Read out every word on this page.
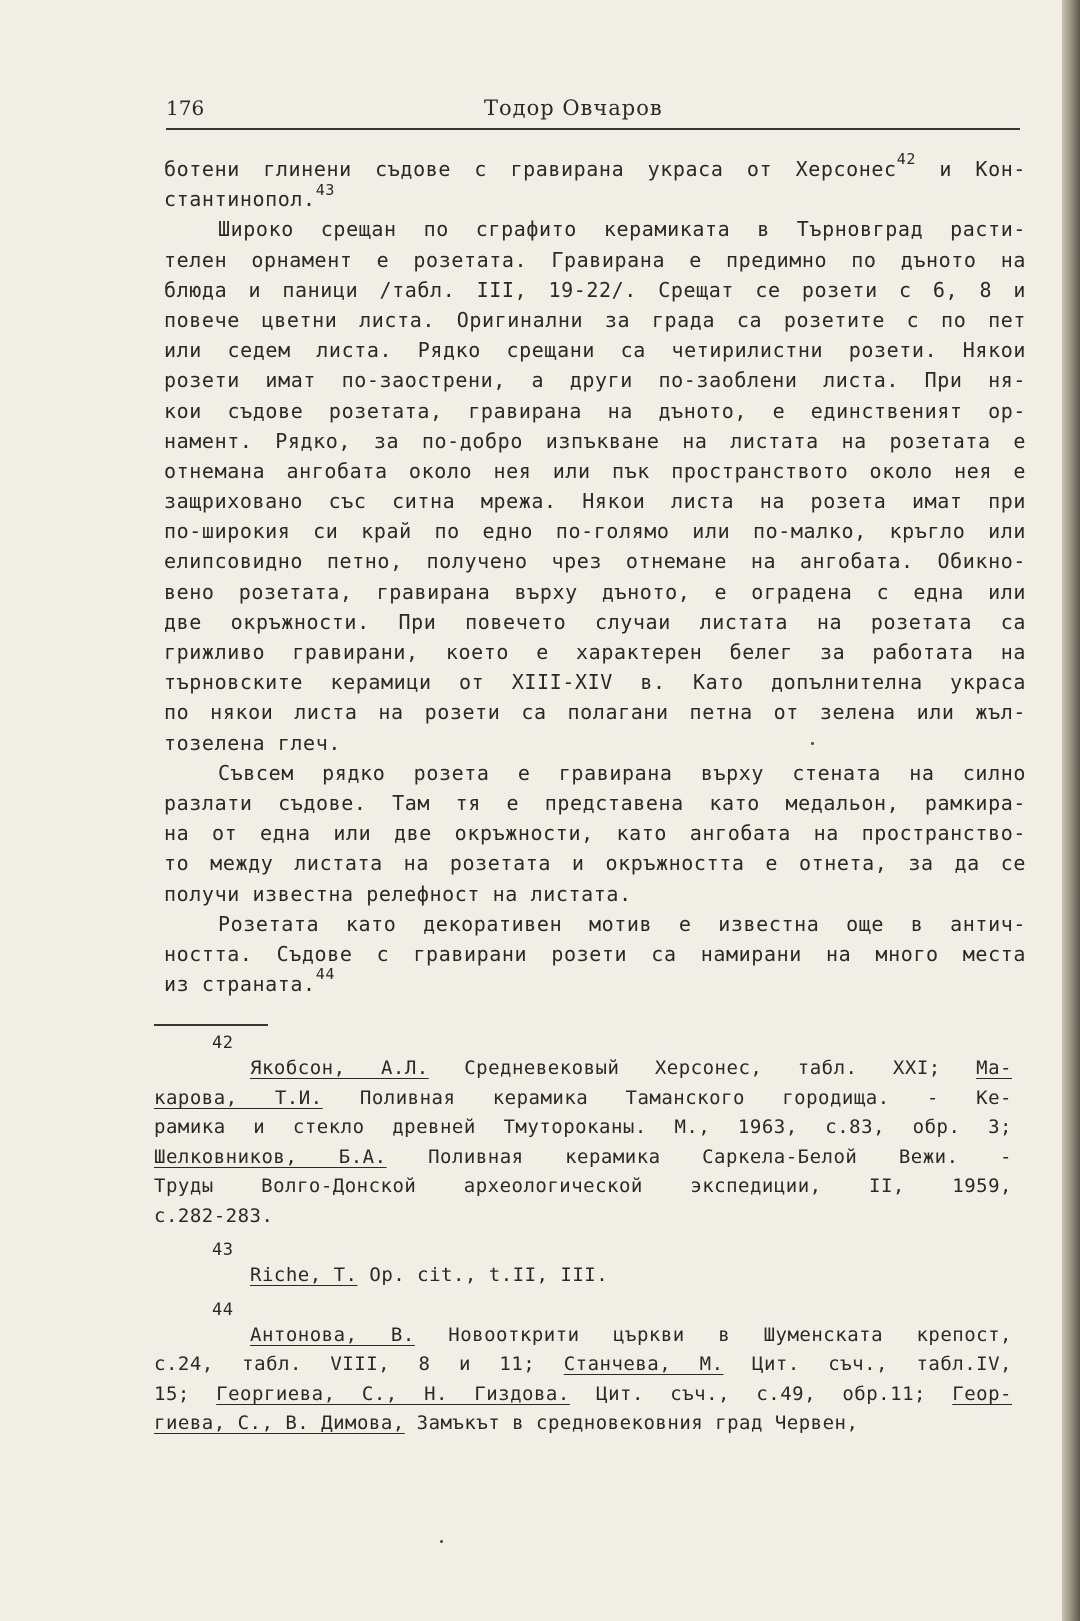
176	Тодор Овчаров
ботени глинени съдове с гравирана украса от Херсонес$^{42}$ и Кон-
стантинопол.$^{43}$
Широко срещан по сграфито керамиката в Търновград расти-
телен орнамент е розетата. Гравирана е предимно по дъното на
блюда и паници /табл. III, 19-22/. Срещат се розети с 6, 8 и
повече цветни листа. Оригинални за града са розетите с по пет
или седем листа. Рядко срещани са четирилистни розети. Някои
розети имат по-заострени, а други по-заоблени листа. При ня-
кои съдове розетата, гравирана на дъното, е единственият ор-
намент. Рядко, за по-добро изпъкване на листата на розетата е
отнемана ангобата около нея или пък пространството около нея е
защриховано със ситна мрежа. Някои листа на розета имат при
по-широкия си край по едно по-голямо или по-малко, кръгло или
елипсовидно петно, получено чрез отнемане на ангобата. Обикно-
вено розетата, гравирана върху дъното, е оградена с една или
две окръжности. При повечето случаи листата на розетата са
грижливо гравирани, което е характерен белег за работата на
търновските керамици от XIII-XIV в. Като допълнителна украса
по някои листа на розети са полагани петна от зелена или жъл-
тозелена глеч.
Съвсем рядко розета е гравирана върху стената на силно
разлати съдове. Там тя е представена като медальон, рамкира-
на от една или две окръжности, като ангобата на пространство-
то между листата на розетата и окръжността е отнета, за да се
получи известна релефност на листата.
Розетата като декоративен мотив е известна още в антич-
ността. Съдове с гравирани розети са намирани на много места
из страната.$^{44}$
42
Якобсон, А.Л. Средневековый Херсонес, табл. XXI; Ма-
карова, Т.И. Поливная керамика Таманского городища. - Ке-
рамика и стекло древней Тмутороканы. М., 1963, с.83, обр. 3;
Шелковников, Б.А. Поливная керамика Саркела-Белой Вежи. -
Труды Волго-Донской археологической экспедиции, II, 1959,
с.282-283.
43
Riche, T. Op. cit., t.II, III.
44
Антонова, В. Новооткрити църкви в Шуменската крепост,
с.24, табл. VIII, 8 и 11; Станчева, М. Цит. съч., табл.IV,
15; Георгиева, С., Н. Гиздова. Цит. съч., с.49, обр.11; Геор-
гиева, С., В. Димова, Замъкът в средновековния град Червен,
